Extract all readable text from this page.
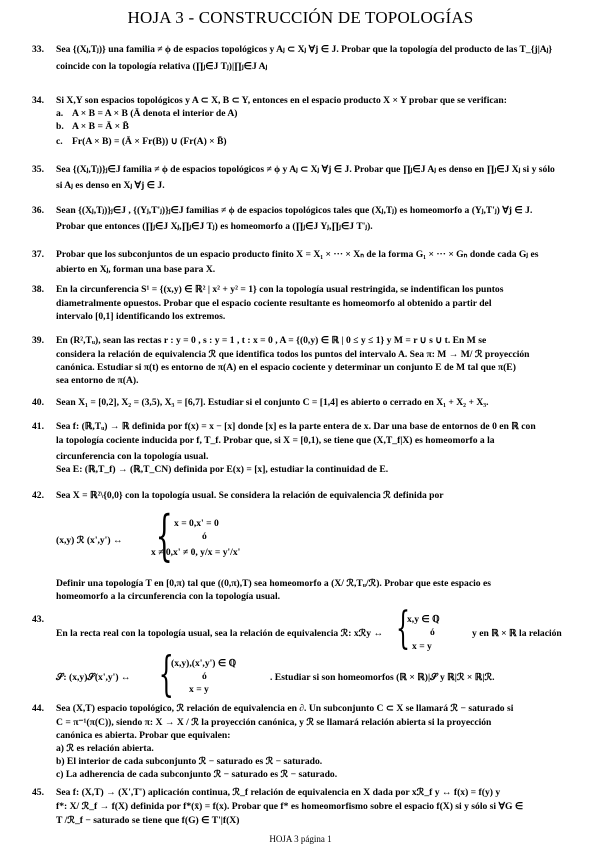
HOJA 3 - CONSTRUCCIÓN DE TOPOLOGÍAS
33.	Sea {(Xⱼ,Tⱼ)} una familia ≠ ϕ de espacios topológicos y Aⱼ ⊂ Xⱼ ∀j ∈ J. Probar que la topología del producto de las T_{j|Aⱼ}
coincide con la topología relativa (∏ⱼ∈J Tⱼ)|∏ⱼ∈J Aⱼ
34.	Si X,Y son espacios topológicos y A ⊂ X, B ⊂ Y, entonces en el espacio producto X × Y probar que se verifican:
a. A × B = A × B (Ā denota el interior de A)
b. A × B = Ā × B̄
c. Fr(A × B) = (Ā × Fr(B)) ∪ (Fr(A) × B̄)
35.	Sea {(Xⱼ,Tⱼ)}ⱼ∈J familia ≠ ϕ de espacios topológicos ≠ ϕ y Aⱼ ⊂ Xⱼ ∀j ∈ J. Probar que ∏ⱼ∈J Aⱼ es denso en ∏ⱼ∈J Xⱼ si y sólo
si Aⱼ es denso en Xⱼ ∀j ∈ J.
36.	Sean {(Xⱼ,Tⱼ)}ⱼ∈J , {(Yⱼ,T'ⱼ)}ⱼ∈J familias ≠ ϕ de espacios topológicos tales que (Xⱼ,Tⱼ) es homeomorfo a (Yⱼ,T'ⱼ) ∀j ∈ J.
Probar que entonces (∏ⱼ∈J Xⱼ,∏ⱼ∈J Tⱼ) es homeomorfo a (∏ⱼ∈J Yⱼ,∏ⱼ∈J T'ⱼ).
37.	Probar que los subconjuntos de un espacio producto finito X = X₁ × ··· × Xₙ de la forma G₁ × ··· × Gₙ donde cada Gⱼ es
abierto en Xⱼ, forman una base para X.
38.	En la circunferencia S¹ = {(x,y) ∈ ℝ² | x² + y² = 1} con la topología usual restringida, se indentifican los puntos
diametralmente opuestos. Probar que el espacio cociente resultante es homeomorfo al obtenido a partir del
intervalo [0,1] identificando los extremos.
39.	En (R²,Tᵤ), sean las rectas r : y = 0 , s : y = 1 , t : x = 0 , A = {(0,y) ∈ ℝ | 0 ≤ y ≤ 1} y M = r ∪ s ∪ t. En M se
considera la relación de equivalencia ℛ que identifica todos los puntos del intervalo A. Sea π: M → M/ ℛ proyección
canónica. Estudiar si π(t) es entorno de π(A) en el espacio cociente y determinar un conjunto E de M tal que π(E)
sea entorno de π(A).
40.	Sean X₁ = [0,2], X₂ = (3,5), X₃ = [6,7]. Estudiar si el conjunto C = [1,4] es abierto o cerrado en X₁ + X₂ + X₃.
41.	Sea f: (ℝ,Tᵤ) → ℝ definida por f(x) = x − [x] donde [x] es la parte entera de x. Dar una base de entornos de 0 en ℝ con
la topología cociente inducida por f, T_f. Probar que, si X = [0,1), se tiene que (X,T_f|X) es homeomorfo a la
circunferencia con la topología usual.
Sea E: (ℝ,T_f) → (ℝ,T_CN) definida por E(x) = [x], estudiar la continuidad de E.
42.	Sea X = ℝ²\{0,0} con la topología usual. Se considera la relación de equivalencia ℛ definida por
(x,y) ℛ (x',y') ↔ { x = 0,x' = 0
ó
x ≠ 0,x' ≠ 0, y/x = y'/x'
Definir una topología T en [0,π) tal que ((0,π),T) sea homeomorfo a (X/ ℛ,Tᵤ/ℛ). Probar que este espacio es
homeomorfo a la circunferencia con la topología usual.
43.
En la recta real con la topología usual, sea la relación de equivalencia ℛ: xℛy ↔ {
x,y ∈ ℚ
ó
x = y
y en ℝ × ℝ la relación
𝒮: (x,y)𝒮(x',y') ↔ {
(x,y),(x',y') ∈ ℚ
ó
x = y
. Estudiar si son homeomorfos (ℝ × ℝ)|𝒮 y ℝ|ℛ × ℝ|ℛ.
44.	Sea (X,T) espacio topológico, ℛ relación de equivalencia en ∂. Un subconjunto C ⊂ X se llamará ℛ − saturado si
C = π⁻¹(π(C)), siendo π: X → X / ℛ la proyección canónica, y ℛ se llamará relación abierta si la proyección
canónica es abierta. Probar que equivalen:
a) ℛ es relación abierta.
b) El interior de cada subconjunto ℛ − saturado es ℛ − saturado.
c) La adherencia de cada subconjunto ℛ − saturado es ℛ − saturado.
45.	Sea f: (X,T) → (X',T') aplicación continua, ℛ_f relación de equivalencia en X dada por xℛ_f y ↔ f(x) = f(y) y
f*: X/ ℛ_f → f(X) definida por f*(x̄) = f(x). Probar que f* es homeomorfismo sobre el espacio f(X) si y sólo si ∀G ∈
T /ℛ_f − saturado se tiene que f(G) ∈ T'|f(X)
HOJA 3 página 1
